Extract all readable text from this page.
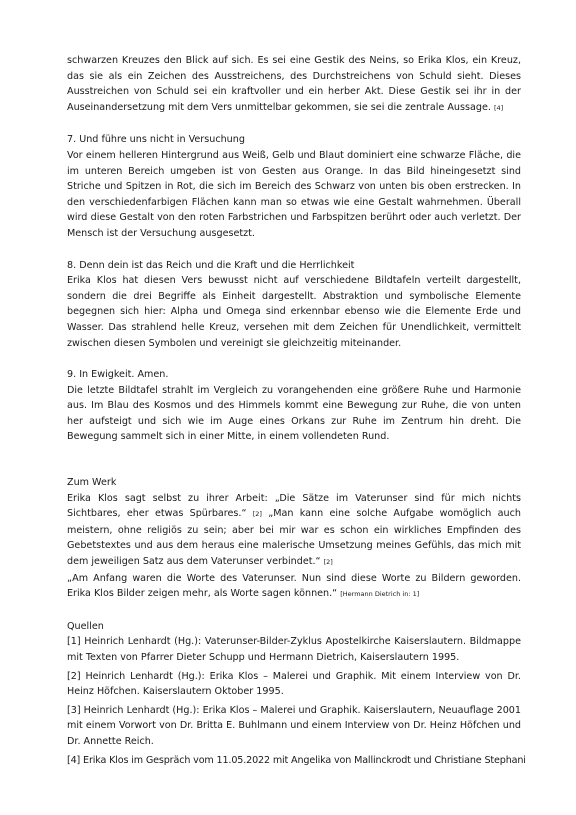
schwarzen Kreuzes den Blick auf sich. Es sei eine Gestik des Neins, so Erika Klos, ein Kreuz, das sie als ein Zeichen des Ausstreichens, des Durchstreichens von Schuld sieht. Dieses Ausstreichen von Schuld sei ein kraftvoller und ein herber Akt. Diese Gestik sei ihr in der Auseinandersetzung mit dem Vers unmittelbar gekommen, sie sei die zentrale Aussage. [4]

7. Und führe uns nicht in Versuchung

Vor einem helleren Hintergrund aus Weiß, Gelb und Blaut dominiert eine schwarze Fläche, die im unteren Bereich umgeben ist von Gesten aus Orange. In das Bild hineingesetzt sind Striche und Spitzen in Rot, die sich im Bereich des Schwarz von unten bis oben erstrecken. In den verschiedenfarbigen Flächen kann man so etwas wie eine Gestalt wahrnehmen. Überall wird diese Gestalt von den roten Farbstrichen und Farbspitzen berührt oder auch verletzt. Der Mensch ist der Versuchung ausgesetzt.

8. Denn dein ist das Reich und die Kraft und die Herrlichkeit

Erika Klos hat diesen Vers bewusst nicht auf verschiedene Bildtafeln verteilt dargestellt, sondern die drei Begriffe als Einheit dargestellt. Abstraktion und symbolische Elemente begegnen sich hier: Alpha und Omega sind erkennbar ebenso wie die Elemente Erde und Wasser. Das strahlend helle Kreuz, versehen mit dem Zeichen für Unendlichkeit, vermittelt zwischen diesen Symbolen und vereinigt sie gleichzeitig miteinander.

9. In Ewigkeit. Amen.

Die letzte Bildtafel strahlt im Vergleich zu vorangehenden eine größere Ruhe und Harmonie aus. Im Blau des Kosmos und des Himmels kommt eine Bewegung zur Ruhe, die von unten her aufsteigt und sich wie im Auge eines Orkans zur Ruhe im Zentrum hin dreht. Die Bewegung sammelt sich in einer Mitte, in einem vollendeten Rund.

Zum Werk

Erika Klos sagt selbst zu ihrer Arbeit: „Die Sätze im Vaterunser sind für mich nichts Sichtbares, eher etwas Spürbares.“ [2] „Man kann eine solche Aufgabe womöglich auch meistern, ohne religiös zu sein; aber bei mir war es schon ein wirkliches Empfinden des Gebetstextes und aus dem heraus eine malerische Umsetzung meines Gefühls, das mich mit dem jeweiligen Satz aus dem Vaterunser verbindet.“ [2]

„Am Anfang waren die Worte des Vaterunser. Nun sind diese Worte zu Bildern geworden. Erika Klos Bilder zeigen mehr, als Worte sagen können.“ [Hermann Dietrich in: 1]

Quellen

[1] Heinrich Lenhardt (Hg.): Vaterunser-Bilder-Zyklus Apostelkirche Kaiserslautern. Bildmappe mit Texten von Pfarrer Dieter Schupp und Hermann Dietrich, Kaiserslautern 1995.

[2] Heinrich Lenhardt (Hg.): Erika Klos – Malerei und Graphik. Mit einem Interview von Dr. Heinz Höfchen. Kaiserslautern Oktober 1995.

[3] Heinrich Lenhardt (Hg.): Erika Klos – Malerei und Graphik. Kaiserslautern, Neuauflage 2001 mit einem Vorwort von Dr. Britta E. Buhlmann und einem Interview von Dr. Heinz Höfchen und Dr. Annette Reich.

[4] Erika Klos im Gespräch vom 11.05.2022 mit Angelika von Mallinckrodt und Christiane Stephani
